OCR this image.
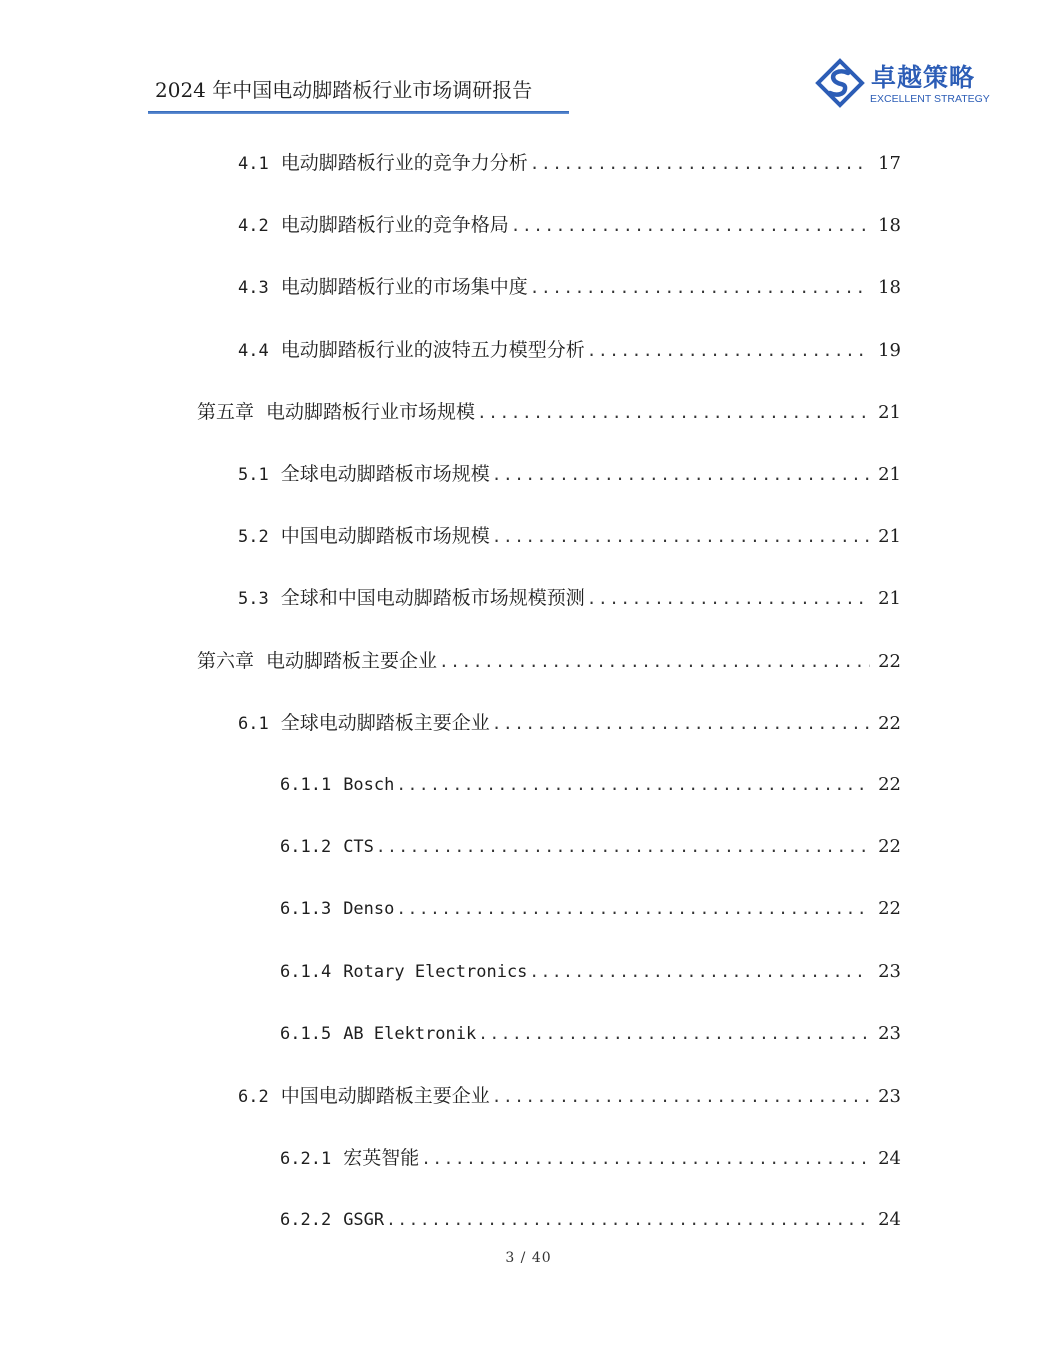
2024 年中国电动脚踏板行业市场调研报告	卓越策略
EXCELLENT STRATEGY
4.1 电动脚踏板行业的竞争力分析 .....	17
4.2 电动脚踏板行业的竞争格局 .....	18
4.3 电动脚踏板行业的市场集中度 .....	18
4.4 电动脚踏板行业的波特五力模型分析 .....	19
第五章 电动脚踏板行业市场规模 .....	21
5.1 全球电动脚踏板市场规模 .....	21
5.2 中国电动脚踏板市场规模 .....	21
5.3 全球和中国电动脚踏板市场规模预测 .....	21
第六章 电动脚踏板主要企业 .....	22
6.1 全球电动脚踏板主要企业 .....	22
6.1.1 Bosch .....	22
6.1.2 CTS .....	22
6.1.3 Denso .....	22
6.1.4 Rotary Electronics .....	23
6.1.5 AB Elektronik .....	23
6.2 中国电动脚踏板主要企业 .....	23
6.2.1 宏英智能 .....	24
6.2.2 GSGR .....	24
3 / 40
